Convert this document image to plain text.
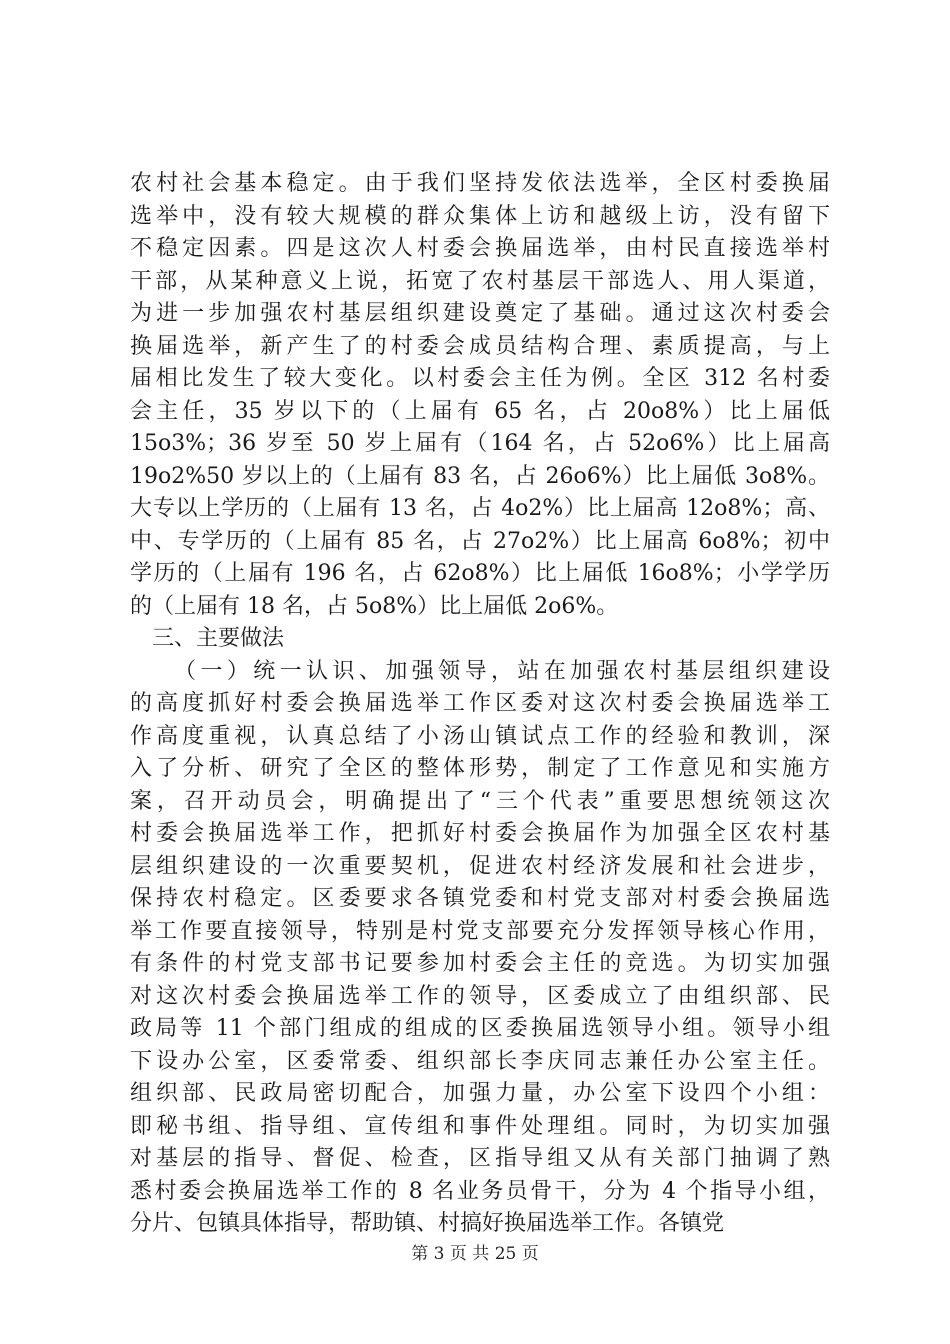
农村社会基本稳定。由于我们坚持发依法选举，全区村委换届
选举中，没有较大规模的群众集体上访和越级上访，没有留下
不稳定因素。四是这次人村委会换届选举，由村民直接选举村
干部，从某种意义上说，拓宽了农村基层干部选人、用人渠道，
为进一步加强农村基层组织建设奠定了基础。通过这次村委会
换届选举，新产生了的村委会成员结构合理、素质提高，与上
届相比发生了较大变化。以村委会主任为例。全区 312 名村委
会主任，35 岁以下的（上届有 65 名，占 20o8%）比上届低
15o3%；36 岁至 50 岁上届有（164 名，占 52o6%）比上届高
19o2%50 岁以上的（上届有 83 名，占 26o6%）比上届低 3o8%。
大专以上学历的（上届有 13 名，占 4o2%）比上届高 12o8%；高、
中、专学历的（上届有 85 名，占 27o2%）比上届高 6o8%；初中
学历的（上届有 196 名，占 62o8%）比上届低 16o8%；小学学历
的（上届有 18 名，占 5o8%）比上届低 2o6%。
三、主要做法
（一）统一认识、加强领导，站在加强农村基层组织建设
的高度抓好村委会换届选举工作区委对这次村委会换届选举工
作高度重视，认真总结了小汤山镇试点工作的经验和教训，深
入了分析、研究了全区的整体形势，制定了工作意见和实施方
案，召开动员会，明确提出了“三个代表”重要思想统领这次
村委会换届选举工作，把抓好村委会换届作为加强全区农村基
层组织建设的一次重要契机，促进农村经济发展和社会进步，
保持农村稳定。区委要求各镇党委和村党支部对村委会换届选
举工作要直接领导，特别是村党支部要充分发挥领导核心作用，
有条件的村党支部书记要参加村委会主任的竞选。为切实加强
对这次村委会换届选举工作的领导，区委成立了由组织部、民
政局等 11 个部门组成的组成的区委换届选领导小组。领导小组
下设办公室，区委常委、组织部长李庆同志兼任办公室主任。
组织部、民政局密切配合，加强力量，办公室下设四个小组：
即秘书组、指导组、宣传组和事件处理组。同时，为切实加强
对基层的指导、督促、检查，区指导组又从有关部门抽调了熟
悉村委会换届选举工作的 8 名业务员骨干，分为 4 个指导小组，
分片、包镇具体指导，帮助镇、村搞好换届选举工作。各镇党
第 3 页 共 25 页
